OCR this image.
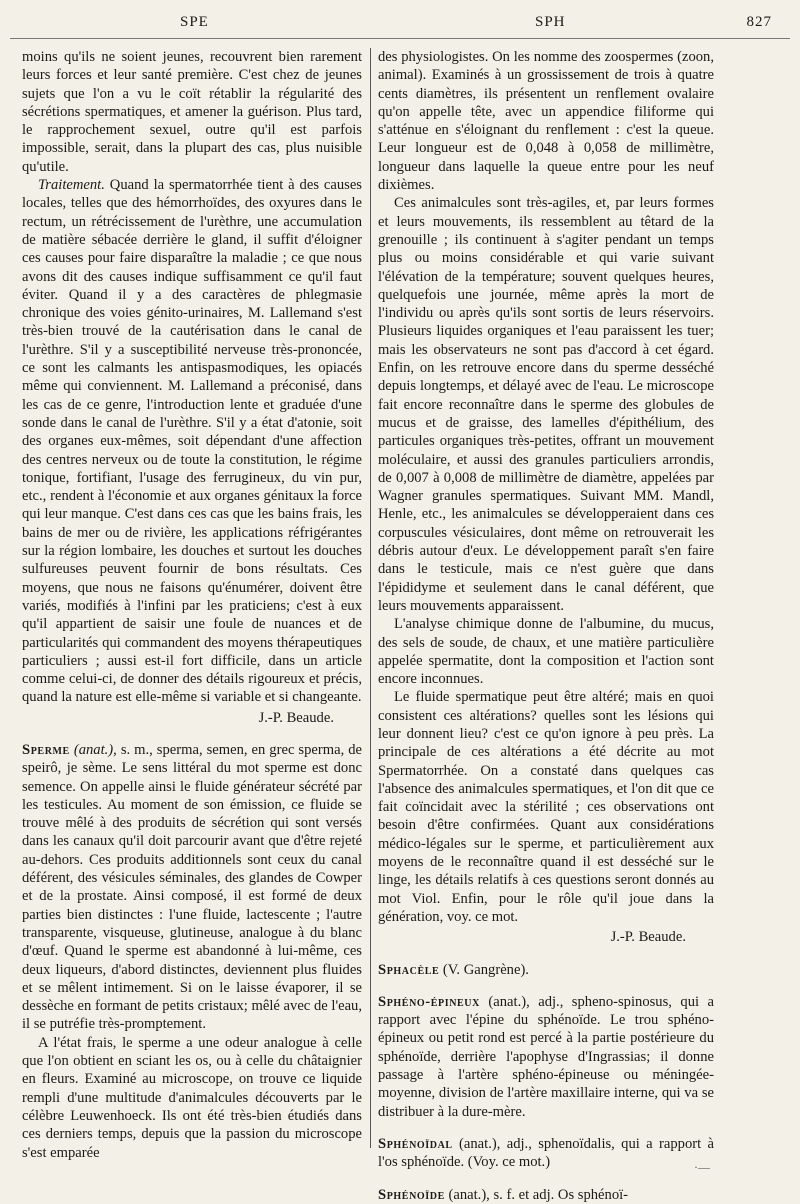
SPE	SPH	827

moins qu'ils ne soient jeunes, recouvrent bien rarement leurs forces et leur santé première. C'est chez de jeunes sujets que l'on a vu le coït rétablir la régularité des sécrétions spermatiques, et amener la guérison. Plus tard, le rapprochement sexuel, outre qu'il est parfois impossible, serait, dans la plupart des cas, plus nuisible qu'utile.

Traitement. Quand la spermatorrhée tient à des causes locales, telles que des hémorrhoïdes, des oxyures dans le rectum, un rétrécissement de l'urèthre, une accumulation de matière sébacée derrière le gland, il suffit d'éloigner ces causes pour faire disparaître la maladie ; ce que nous avons dit des causes indique suffisamment ce qu'il faut éviter. Quand il y a des caractères de phlegmasie chronique des voies génito-urinaires, M. Lallemand s'est très-bien trouvé de la cautérisation dans le canal de l'urèthre. S'il y a susceptibilité nerveuse très-prononcée, ce sont les calmants les antispasmodiques, les opiacés même qui conviennent. M. Lallemand a préconisé, dans les cas de ce genre, l'introduction lente et graduée d'une sonde dans le canal de l'urèthre. S'il y a état d'atonie, soit des organes eux-mêmes, soit dépendant d'une affection des centres nerveux ou de toute la constitution, le régime tonique, fortifiant, l'usage des ferrugineux, du vin pur, etc., rendent à l'économie et aux organes génitaux la force qui leur manque. C'est dans ces cas que les bains frais, les bains de mer ou de rivière, les applications réfrigérantes sur la région lombaire, les douches et surtout les douches sulfureuses peuvent fournir de bons résultats. Ces moyens, que nous ne faisons qu'énumérer, doivent être variés, modifiés à l'infini par les praticiens; c'est à eux qu'il appartient de saisir une foule de nuances et de particularités qui commandent des moyens thérapeutiques particuliers ; aussi est-il fort difficile, dans un article comme celui-ci, de donner des détails rigoureux et précis, quand la nature est elle-même si variable et si changeante.

J.-P. Beaude.

Sperme (anat.), s. m., sperma, semen, en grec sperma, de speirô, je sème. Le sens littéral du mot sperme est donc semence. On appelle ainsi le fluide générateur sécrété par les testicules. Au moment de son émission, ce fluide se trouve mêlé à des produits de sécrétion qui sont versés dans les canaux qu'il doit parcourir avant que d'être rejeté au-dehors. Ces produits additionnels sont ceux du canal déférent, des vésicules séminales, des glandes de Cowper et de la prostate. Ainsi composé, il est formé de deux parties bien distinctes : l'une fluide, lactescente ; l'autre transparente, visqueuse, glutineuse, analogue à du blanc d'œuf. Quand le sperme est abandonné à lui-même, ces deux liqueurs, d'abord distinctes, deviennent plus fluides et se mêlent intimement. Si on le laisse évaporer, il se dessèche en formant de petits cristaux; mêlé avec de l'eau, il se putréfie très-promptement.

A l'état frais, le sperme a une odeur analogue à celle que l'on obtient en sciant les os, ou à celle du châtaignier en fleurs. Examiné au microscope, on trouve ce liquide rempli d'une multitude d'animalcules découverts par le célèbre Leuwenhoeck. Ils ont été très-bien étudiés dans ces derniers temps, depuis que la passion du microscope s'est emparée

des physiologistes. On les nomme des zoospermes (zoon, animal). Examinés à un grossissement de trois à quatre cents diamètres, ils présentent un renflement ovalaire qu'on appelle tête, avec un appendice filiforme qui s'atténue en s'éloignant du renflement : c'est la queue. Leur longueur est de 0,048 à 0,058 de millimètre, longueur dans laquelle la queue entre pour les neuf dixièmes.

Ces animalcules sont très-agiles, et, par leurs formes et leurs mouvements, ils ressemblent au têtard de la grenouille ; ils continuent à s'agiter pendant un temps plus ou moins considérable et qui varie suivant l'élévation de la température; souvent quelques heures, quelquefois une journée, même après la mort de l'individu ou après qu'ils sont sortis de leurs réservoirs. Plusieurs liquides organiques et l'eau paraissent les tuer; mais les observateurs ne sont pas d'accord à cet égard. Enfin, on les retrouve encore dans du sperme desséché depuis longtemps, et délayé avec de l'eau. Le microscope fait encore reconnaître dans le sperme des globules de mucus et de graisse, des lamelles d'épithélium, des particules organiques très-petites, offrant un mouvement moléculaire, et aussi des granules particuliers arrondis, de 0,007 à 0,008 de millimètre de diamètre, appelées par Wagner granules spermatiques. Suivant MM. Mandl, Henle, etc., les animalcules se développeraient dans ces corpuscules vésiculaires, dont même on retrouverait les débris autour d'eux. Le développement paraît s'en faire dans le testicule, mais ce n'est guère que dans l'épididyme et seulement dans le canal déférent, que leurs mouvements apparaissent.

L'analyse chimique donne de l'albumine, du mucus, des sels de soude, de chaux, et une matière particulière appelée spermatite, dont la composition et l'action sont encore inconnues.

Le fluide spermatique peut être altéré; mais en quoi consistent ces altérations? quelles sont les lésions qui leur donnent lieu? c'est ce qu'on ignore à peu près. La principale de ces altérations a été décrite au mot Spermatorrhée. On a constaté dans quelques cas l'absence des animalcules spermatiques, et l'on dit que ce fait coïncidait avec la stérilité ; ces observations ont besoin d'être confirmées. Quant aux considérations médico-légales sur le sperme, et particulièrement aux moyens de le reconnaître quand il est desséché sur le linge, les détails relatifs à ces questions seront donnés au mot Viol. Enfin, pour le rôle qu'il joue dans la génération, voy. ce mot.

J.-P. Beaude.

Sphacèle (V. Gangrène).

Sphéno-épineux (anat.), adj., spheno-spinosus, qui a rapport avec l'épine du sphénoïde. Le trou sphéno-épineux ou petit rond est percé à la partie postérieure du sphénoïde, derrière l'apophyse d'Ingrassias; il donne passage à l'artère sphéno-épineuse ou méningée-moyenne, division de l'artère maxillaire interne, qui va se distribuer à la dure-mère.

Sphénoïdal (anat.), adj., sphenoïdalis, qui a rapport à l'os sphénoïde. (Voy. ce mot.)

Sphénoïde (anat.), s. f. et adj. Os sphénoï-

·—
